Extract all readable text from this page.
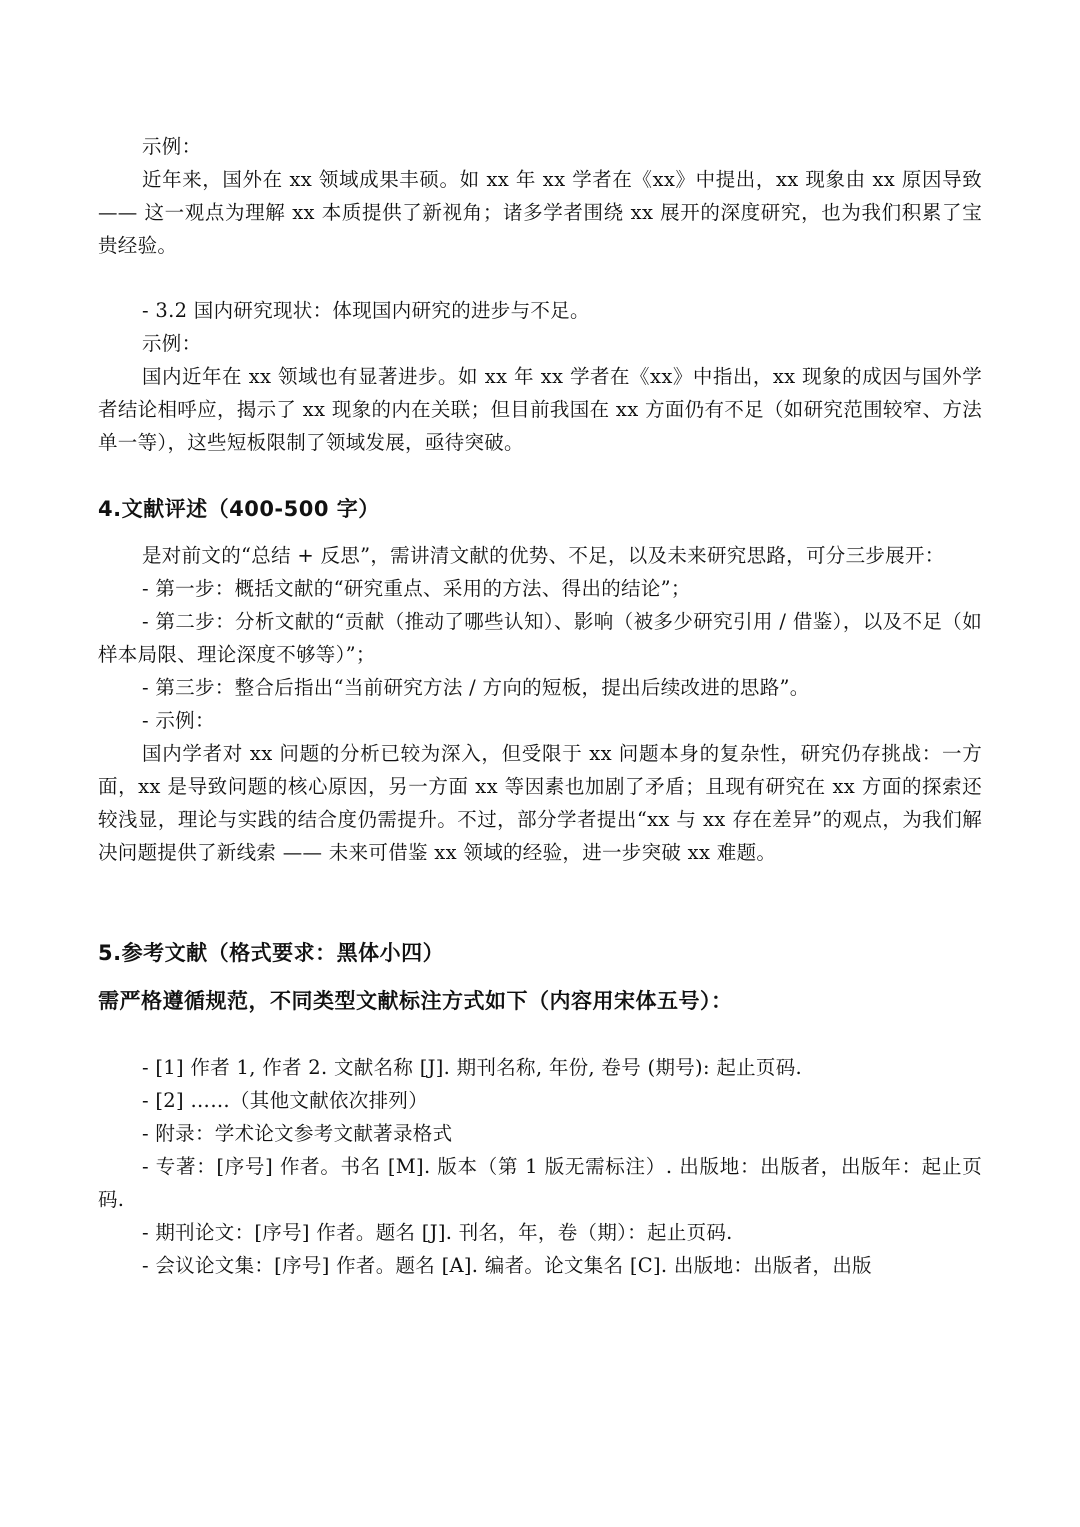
示例：

近年来，国外在 xx 领域成果丰硕。如 xx 年 xx 学者在《xx》中提出，xx 现象由 xx 原因导致 —— 这一观点为理解 xx 本质提供了新视角；诸多学者围绕 xx 展开的深度研究，也为我们积累了宝贵经验。

- 3.2 国内研究现状：体现国内研究的进步与不足。

示例：

国内近年在 xx 领域也有显著进步。如 xx 年 xx 学者在《xx》中指出，xx 现象的成因与国外学者结论相呼应，揭示了 xx 现象的内在关联；但目前我国在 xx 方面仍有不足（如研究范围较窄、方法单一等），这些短板限制了领域发展，亟待突破。

4.文献评述（400-500 字）

是对前文的“总结 + 反思”，需讲清文献的优势、不足，以及未来研究思路，可分三步展开：

- 第一步：概括文献的“研究重点、采用的方法、得出的结论”；

- 第二步：分析文献的“贡献（推动了哪些认知）、影响（被多少研究引用 / 借鉴），以及不足（如样本局限、理论深度不够等）”；

- 第三步：整合后指出“当前研究方法 / 方向的短板，提出后续改进的思路”。

- 示例：

国内学者对 xx 问题的分析已较为深入，但受限于 xx 问题本身的复杂性，研究仍存挑战：一方面，xx 是导致问题的核心原因，另一方面 xx 等因素也加剧了矛盾；且现有研究在 xx 方面的探索还较浅显，理论与实践的结合度仍需提升。不过，部分学者提出“xx 与 xx 存在差异”的观点，为我们解决问题提供了新线索 —— 未来可借鉴 xx 领域的经验，进一步突破 xx 难题。

5.参考文献（格式要求：黑体小四）
需严格遵循规范，不同类型文献标注方式如下（内容用宋体五号）：

- [1] 作者 1, 作者 2. 文献名称 [J]. 期刊名称, 年份, 卷号 (期号): 起止页码.

- [2] ……（其他文献依次排列）

- 附录：学术论文参考文献著录格式

- 专著：[序号] 作者。书名 [M]. 版本（第 1 版无需标注）. 出版地：出版者，出版年：起止页码.

- 期刊论文：[序号] 作者。题名 [J]. 刊名，年，卷（期）：起止页码.

- 会议论文集：[序号] 作者。题名 [A]. 编者。论文集名 [C]. 出版地：出版者，出版
